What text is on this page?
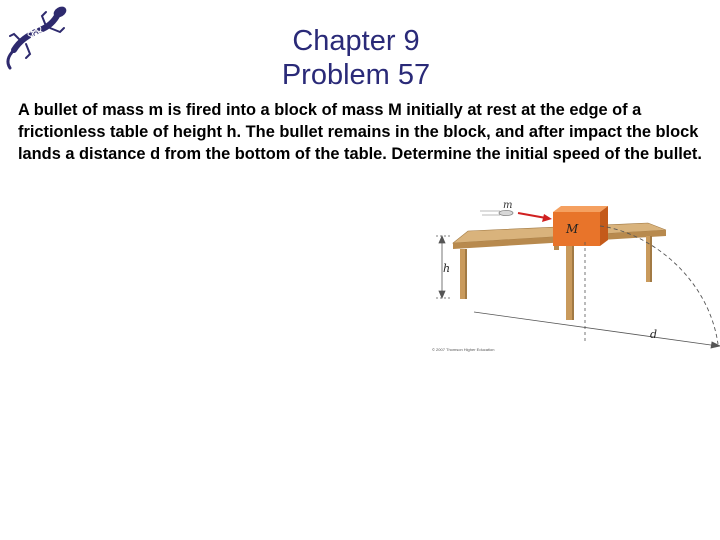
Chapter 9
Problem 57

A bullet of mass m is fired into a block of mass M initially at rest at the edge of a frictionless table of height h. The bullet remains in the block, and after impact the block lands a distance d from the bottom of the table. Determine the initial speed of the bullet.

m
M
h
d
© 2007 Thomson Higher Education
